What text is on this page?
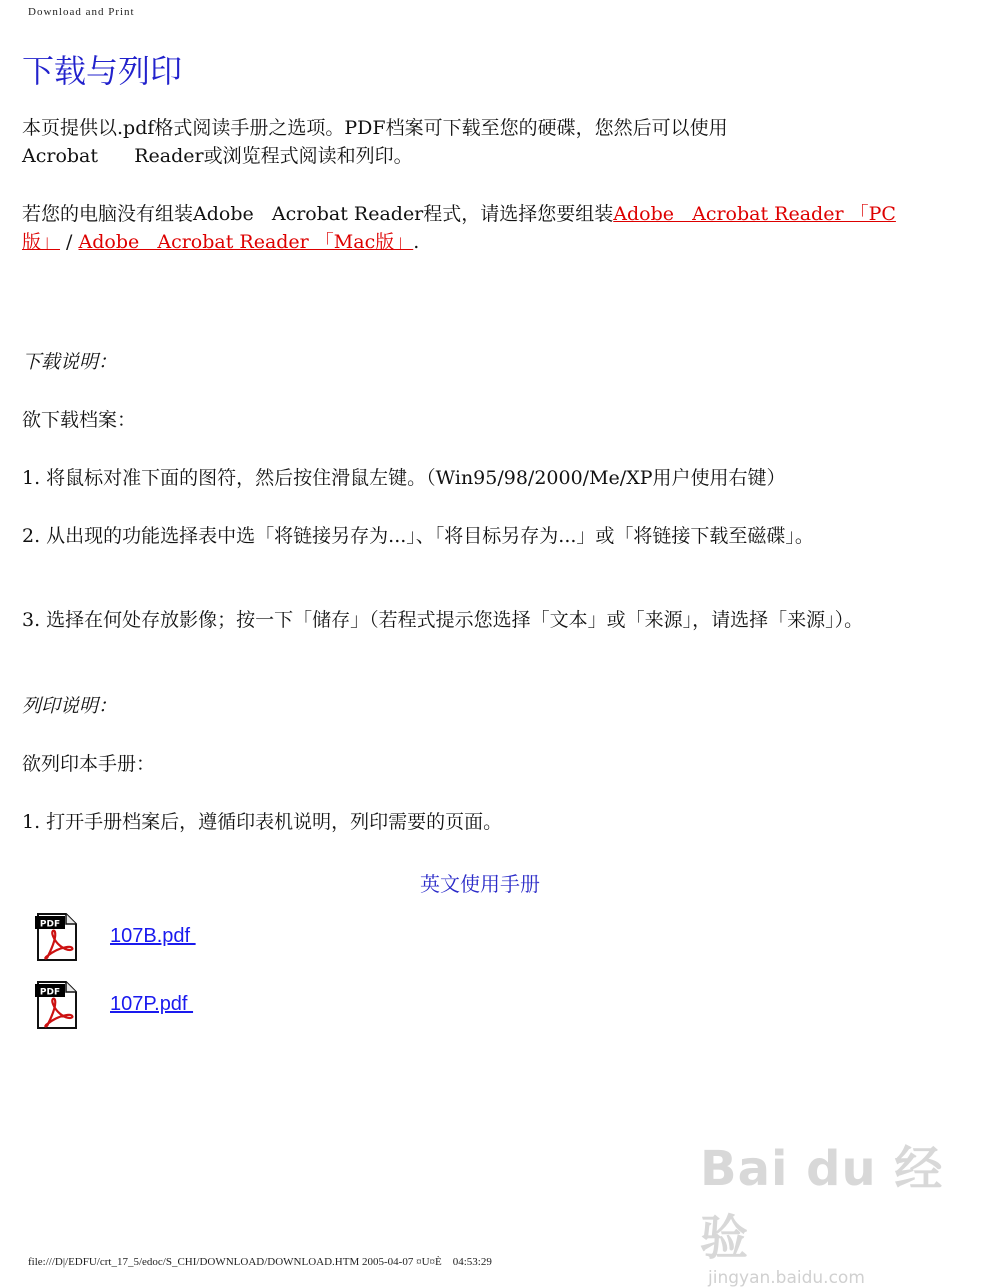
Download and Print
下载与列印
本页提供以.pdf格式阅读手册之选项。PDF档案可下载至您的硬碟，您然后可以使用
Acrobat      Reader或浏览程式阅读和列印。
若您的电脑没有组装Adobe   Acrobat Reader程式，请选择您要组装Adobe   Acrobat Reader 「PC版」 / Adobe   Acrobat Reader 「Mac版」.
下载说明：
欲下载档案：
1. 将鼠标对准下面的图符，然后按住滑鼠左键。（Win95/98/2000/Me/XP用户使用右键）
2. 从出现的功能选择表中选「将链接另存为...」、「将目标另存为...」或「将链接下载至磁碟」。
3. 选择在何处存放影像；按一下「储存」（若程式提示您选择「文本」或「来源」，请选择「来源」）。
列印说明：
欲列印本手册：
1. 打开手册档案后，遵循印表机说明，列印需要的页面。
英文使用手册
PDF 107B.pdf
PDF 107P.pdf
Bai du 经验
jingyan.baidu.com
file:///D|/EDFU/crt_17_5/edoc/S_CHI/DOWNLOAD/DOWNLOAD.HTM 2005-04-07 ¤U¤È    04:53:29
